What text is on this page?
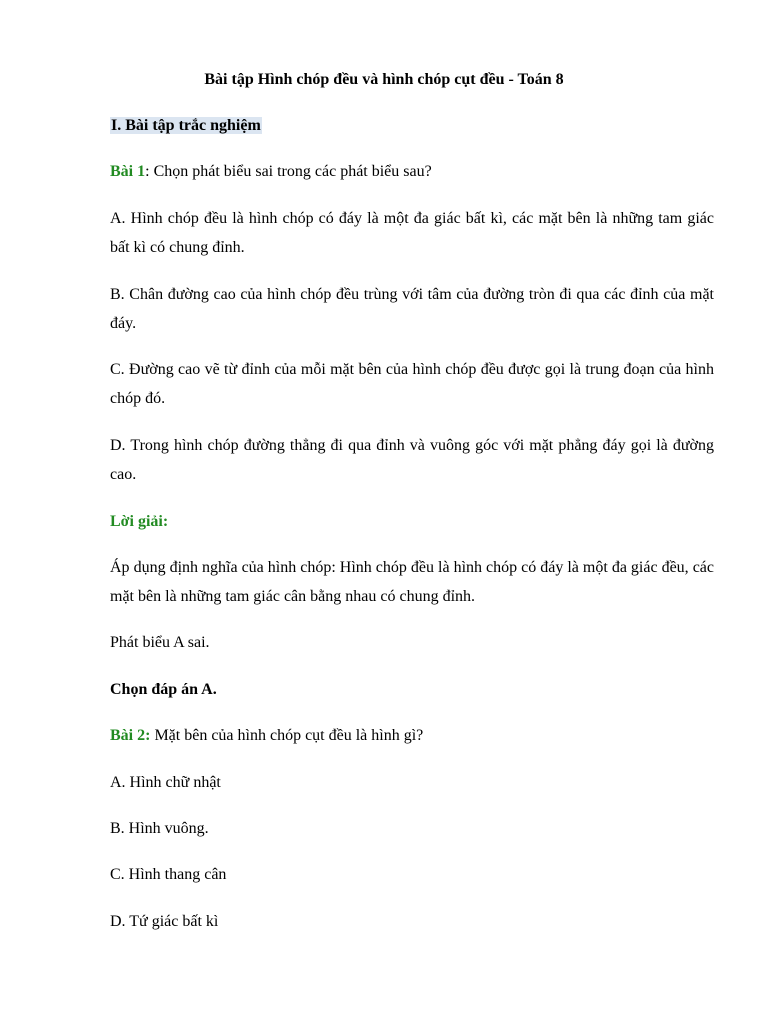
Bài tập Hình chóp đều và hình chóp cụt đều - Toán 8

I. Bài tập trắc nghiệm

Bài 1: Chọn phát biểu sai trong các phát biểu sau?

A. Hình chóp đều là hình chóp có đáy là một đa giác bất kì, các mặt bên là những tam giác bất kì có chung đỉnh.

B. Chân đường cao của hình chóp đều trùng với tâm của đường tròn đi qua các đỉnh của mặt đáy.

C. Đường cao vẽ từ đỉnh của mỗi mặt bên của hình chóp đều được gọi là trung đoạn của hình chóp đó.

D. Trong hình chóp đường thẳng đi qua đỉnh và vuông góc với mặt phẳng đáy gọi là đường cao.

Lời giải:

Áp dụng định nghĩa của hình chóp: Hình chóp đều là hình chóp có đáy là một đa giác đều, các mặt bên là những tam giác cân bằng nhau có chung đỉnh.

Phát biểu A sai.

Chọn đáp án A.

Bài 2: Mặt bên của hình chóp cụt đều là hình gì?

A. Hình chữ nhật

B. Hình vuông.

C. Hình thang cân

D. Tứ giác bất kì
